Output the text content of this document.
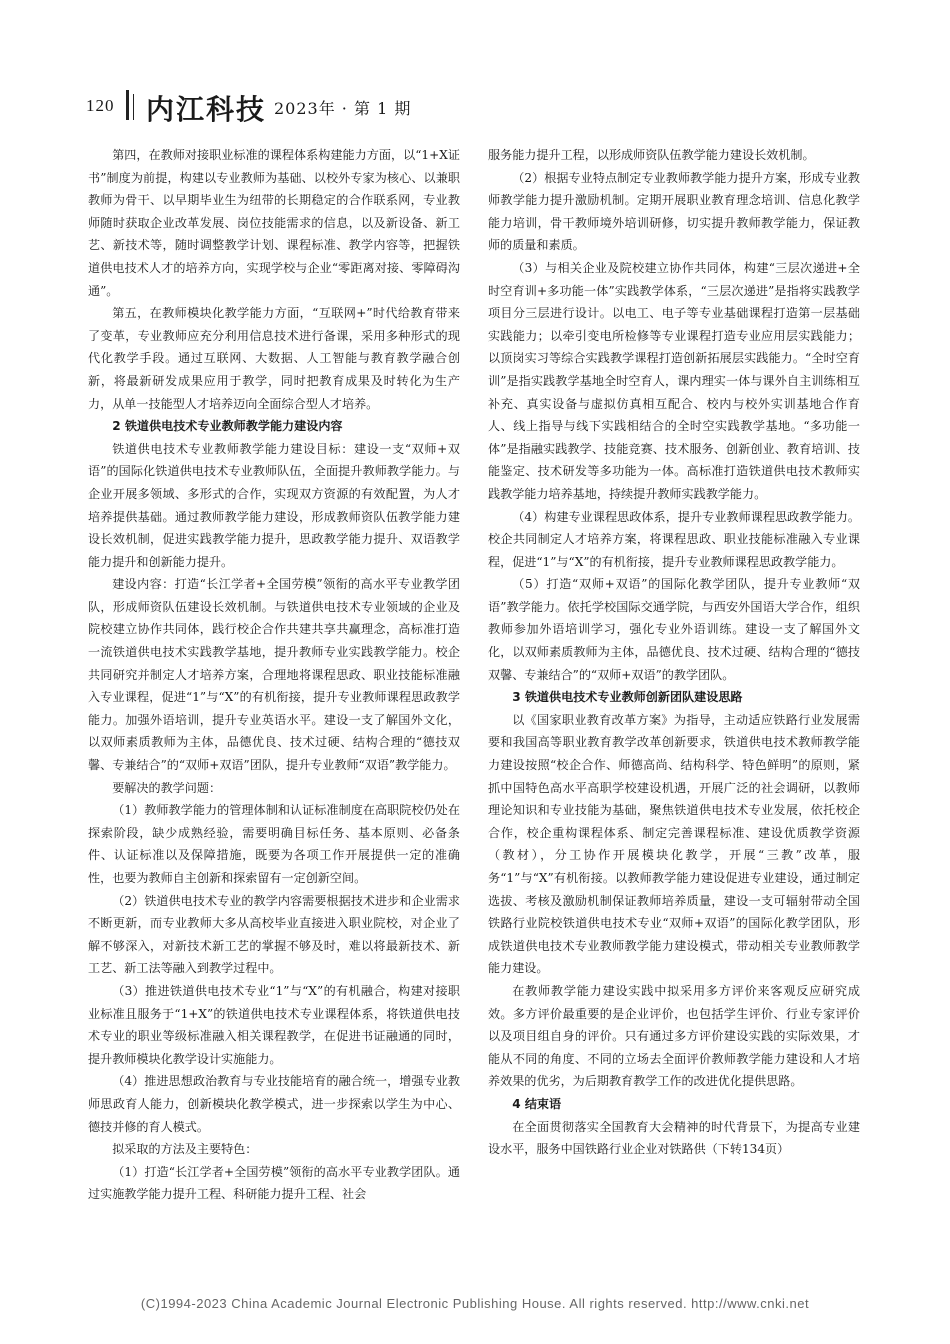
120 内江科技 2023年 · 第 1 期

第四，在教师对接职业标准的课程体系构建能力方面，以“1+X证书”制度为前提，构建以专业教师为基础、以校外专家为核心、以兼职教师为骨干、以早期毕业生为纽带的长期稳定的合作联系网，专业教师随时获取企业改革发展、岗位技能需求的信息，以及新设备、新工艺、新技术等，随时调整教学计划、课程标准、教学内容等，把握铁道供电技术人才的培养方向，实现学校与企业“零距离对接、零障碍沟通”。

第五，在教师模块化教学能力方面，“互联网+”时代给教育带来了变革，专业教师应充分利用信息技术进行备课，采用多种形式的现代化教学手段。通过互联网、大数据、人工智能与教育教学融合创新，将最新研发成果应用于教学，同时把教育成果及时转化为生产力，从单一技能型人才培养迈向全面综合型人才培养。

2 铁道供电技术专业教师教学能力建设内容

铁道供电技术专业教师教学能力建设目标：建设一支“双师+双语”的国际化铁道供电技术专业教师队伍，全面提升教师教学能力。与企业开展多领域、多形式的合作，实现双方资源的有效配置，为人才培养提供基础。通过教师教学能力建设，形成教师资队伍教学能力建设长效机制，促进实践教学能力提升，思政教学能力提升、双语教学能力提升和创新能力提升。

建设内容：打造“长江学者+全国劳模”领衔的高水平专业教学团队，形成师资队伍建设长效机制。与铁道供电技术专业领域的企业及院校建立协作共同体，践行校企合作共建共享共赢理念，高标准打造一流铁道供电技术实践教学基地，提升教师专业实践教学能力。校企共同研究并制定人才培养方案，合理地将课程思政、职业技能标准融入专业课程，促进“1”与“X”的有机衔接，提升专业教师课程思政教学能力。加强外语培训，提升专业英语水平。建设一支了解国外文化，以双师素质教师为主体，品德优良、技术过硬、结构合理的“德技双馨、专兼结合”的“双师+双语”团队，提升专业教师“双语”教学能力。

要解决的教学问题：

（1）教师教学能力的管理体制和认证标准制度在高职院校仍处在探索阶段，缺少成熟经验，需要明确目标任务、基本原则、必备条件、认证标准以及保障措施，既要为各项工作开展提供一定的准确性，也要为教师自主创新和探索留有一定创新空间。

（2）铁道供电技术专业的教学内容需要根据技术进步和企业需求不断更新，而专业教师大多从高校毕业直接进入职业院校，对企业了解不够深入，对新技术新工艺的掌握不够及时，难以将最新技术、新工艺、新工法等融入到教学过程中。

（3）推进铁道供电技术专业“1”与“X”的有机融合，构建对接职业标准且服务于“1+X”的铁道供电技术专业课程体系，将铁道供电技术专业的职业等级标准融入相关课程教学，在促进书证融通的同时，提升教师模块化教学设计实施能力。

（4）推进思想政治教育与专业技能培育的融合统一，增强专业教师思政育人能力，创新模块化教学模式，进一步探索以学生为中心、德技并修的育人模式。

拟采取的方法及主要特色：

（1）打造“长江学者+全国劳模”领衔的高水平专业教学团队。通过实施教学能力提升工程、科研能力提升工程、社会

服务能力提升工程，以形成师资队伍教学能力建设长效机制。

（2）根据专业特点制定专业教师教学能力提升方案，形成专业教师教学能力提升激励机制。定期开展职业教育理念培训、信息化教学能力培训，骨干教师境外培训研修，切实提升教师教学能力，保证教师的质量和素质。

（3）与相关企业及院校建立协作共同体，构建“三层次递进+全时空育训+多功能一体”实践教学体系，“三层次递进”是指将实践教学项目分三层进行设计。以电工、电子等专业基础课程打造第一层基础实践能力；以牵引变电所检修等专业课程打造专业应用层实践能力；以顶岗实习等综合实践教学课程打造创新拓展层实践能力。“全时空育训”是指实践教学基地全时空育人，课内理实一体与课外自主训练相互补充、真实设备与虚拟仿真相互配合、校内与校外实训基地合作育人、线上指导与线下实践相结合的全时空实践教学基地。“多功能一体”是指融实践教学、技能竞赛、技术服务、创新创业、教育培训、技能鉴定、技术研发等多功能为一体。高标准打造铁道供电技术教师实践教学能力培养基地，持续提升教师实践教学能力。

（4）构建专业课程思政体系，提升专业教师课程思政教学能力。校企共同制定人才培养方案，将课程思政、职业技能标准融入专业课程，促进“1”与“X”的有机衔接，提升专业教师课程思政教学能力。

（5）打造“双师+双语”的国际化教学团队，提升专业教师“双语”教学能力。依托学校国际交通学院，与西安外国语大学合作，组织教师参加外语培训学习，强化专业外语训练。建设一支了解国外文化，以双师素质教师为主体，品德优良、技术过硬、结构合理的“德技双馨、专兼结合”的“双师+双语”的教学团队。

3 铁道供电技术专业教师创新团队建设思路

以《国家职业教育改革方案》为指导，主动适应铁路行业发展需要和我国高等职业教育教学改革创新要求，铁道供电技术教师教学能力建设按照“校企合作、师德高尚、结构科学、特色鲜明”的原则，紧抓中国特色高水平高职学校建设机遇，开展广泛的社会调研，以教师理论知识和专业技能为基础，聚焦铁道供电技术专业发展，依托校企合作，校企重构课程体系、制定完善课程标准、建设优质教学资源（教材），分工协作开展模块化教学，开展“三教”改革，服务“1”与“X”有机衔接。以教师教学能力建设促进专业建设，通过制定选拔、考核及激励机制保证教师培养质量，建设一支可辐射带动全国铁路行业院校铁道供电技术专业“双师+双语”的国际化教学团队，形成铁道供电技术专业教师教学能力建设模式，带动相关专业教师教学能力建设。

在教师教学能力建设实践中拟采用多方评价来客观反应研究成效。多方评价最重要的是企业评价，也包括学生评价、行业专家评价以及项目组自身的评价。只有通过多方评价建设实践的实际效果，才能从不同的角度、不同的立场去全面评价教师教学能力建设和人才培养效果的优劣，为后期教育教学工作的改进优化提供思路。

4 结束语

在全面贯彻落实全国教育大会精神的时代背景下，为提高专业建设水平，服务中国铁路行业企业对铁路供（下转134页）

(C)1994-2023 China Academic Journal Electronic Publishing House. All rights reserved. http://www.cnki.net
